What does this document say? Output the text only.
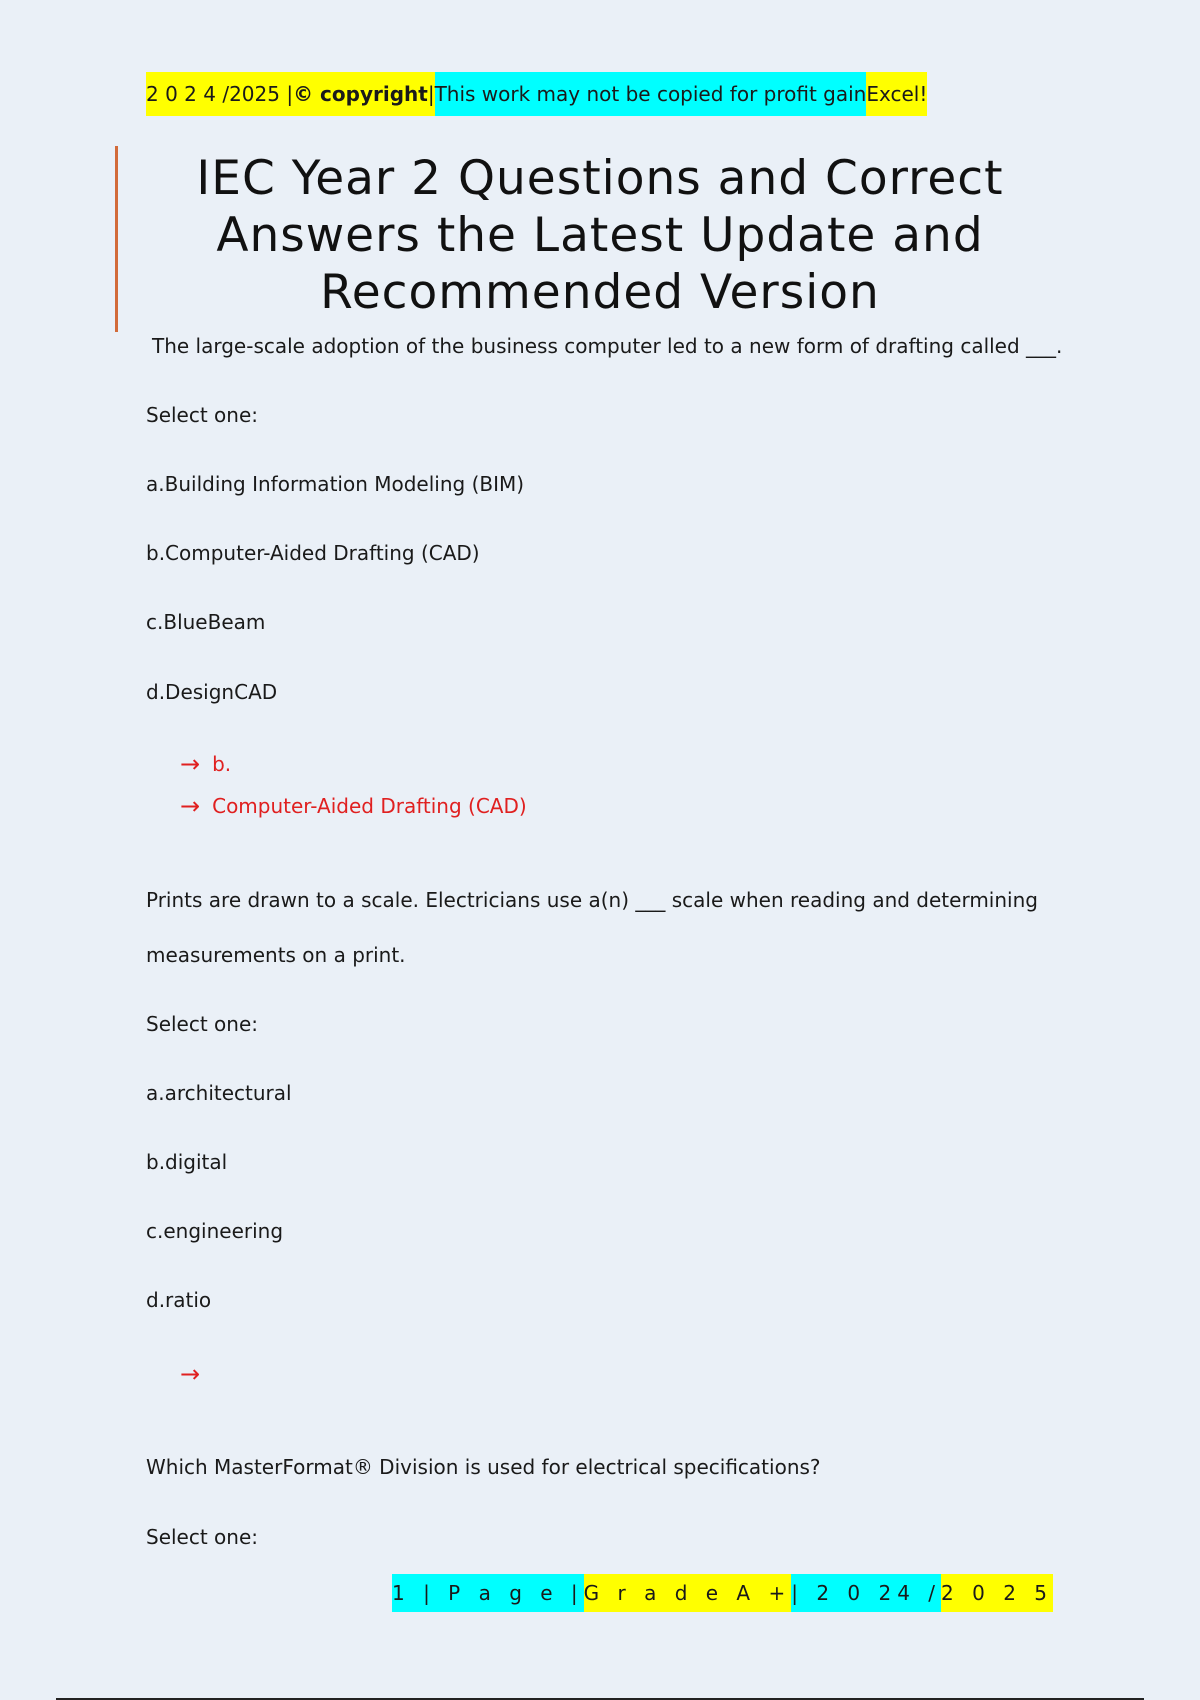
2 0 2 4 /2025 | © copyright | This work may not be copied for profit gain Excel!
IEC Year 2 Questions and Correct Answers the Latest Update and Recommended Version
The large-scale adoption of the business computer led to a new form of drafting called ___.
Select one:
a.Building Information Modeling (BIM)
b.Computer-Aided Drafting (CAD)
c.BlueBeam
d.DesignCAD
→ b.
→ Computer-Aided Drafting (CAD)
Prints are drawn to a scale. Electricians use a(n) ___ scale when reading and determining
measurements on a print.
Select one:
a.architectural
b.digital
c.engineering
d.ratio
→
Which MasterFormat® Division is used for electrical specifications?
Select one:
1 | P a g e | G r a d e A + | 2 0 24 / 2 0 2 5
